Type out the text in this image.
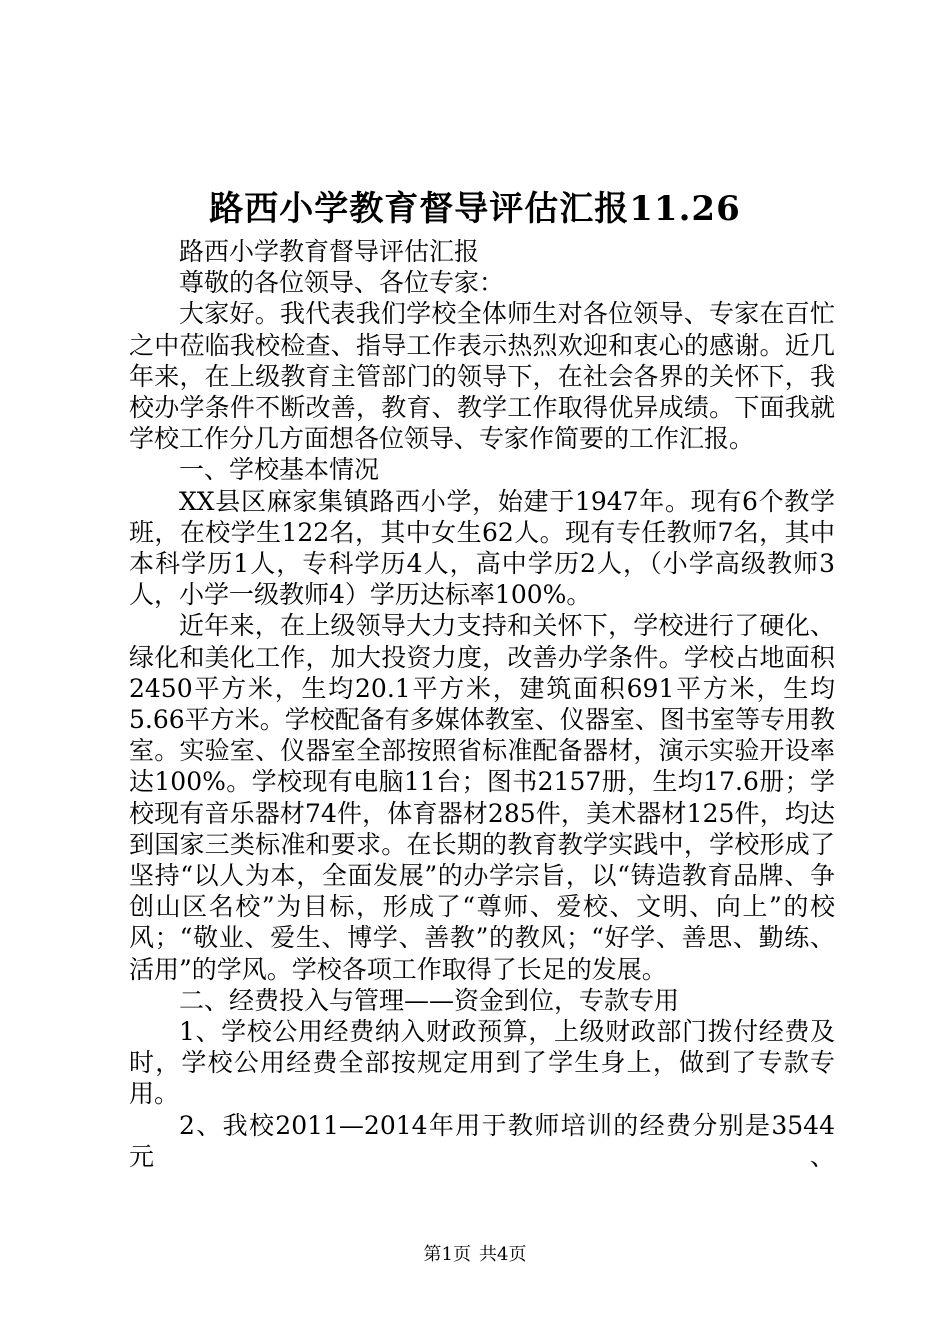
路西小学教育督导评估汇报11.26

路西小学教育督导评估汇报

尊敬的各位领导、各位专家：

大家好。我代表我们学校全体师生对各位领导、专家在百忙之中莅临我校检查、指导工作表示热烈欢迎和衷心的感谢。近几年来，在上级教育主管部门的领导下，在社会各界的关怀下，我校办学条件不断改善，教育、教学工作取得优异成绩。下面我就学校工作分几方面想各位领导、专家作简要的工作汇报。

一、学校基本情况

XX县区麻家集镇路西小学，始建于1947年。现有6个教学班，在校学生122名，其中女生62人。现有专任教师7名，其中本科学历1人，专科学历4人，高中学历2人，（小学高级教师3人，小学一级教师4）学历达标率100%。

近年来，在上级领导大力支持和关怀下，学校进行了硬化、绿化和美化工作，加大投资力度，改善办学条件。学校占地面积2450平方米，生均20.1平方米，建筑面积691平方米，生均5.66平方米。学校配备有多媒体教室、仪器室、图书室等专用教室。实验室、仪器室全部按照省标准配备器材，演示实验开设率达100%。学校现有电脑11台；图书2157册，生均17.6册；学校现有音乐器材74件，体育器材285件，美术器材125件，均达到国家三类标准和要求。在长期的教育教学实践中，学校形成了坚持“以人为本，全面发展”的办学宗旨，以“铸造教育品牌、争创山区名校”为目标，形成了“尊师、爱校、文明、向上”的校风；“敬业、爱生、博学、善教”的教风；“好学、善思、勤练、活用”的学风。学校各项工作取得了长足的发展。

二、经费投入与管理——资金到位，专款专用

1、学校公用经费纳入财政预算，上级财政部门拨付经费及时，学校公用经费全部按规定用到了学生身上，做到了专款专用。

2、我校2011—2014年用于教师培训的经费分别是3544元、

第1页 共4页
